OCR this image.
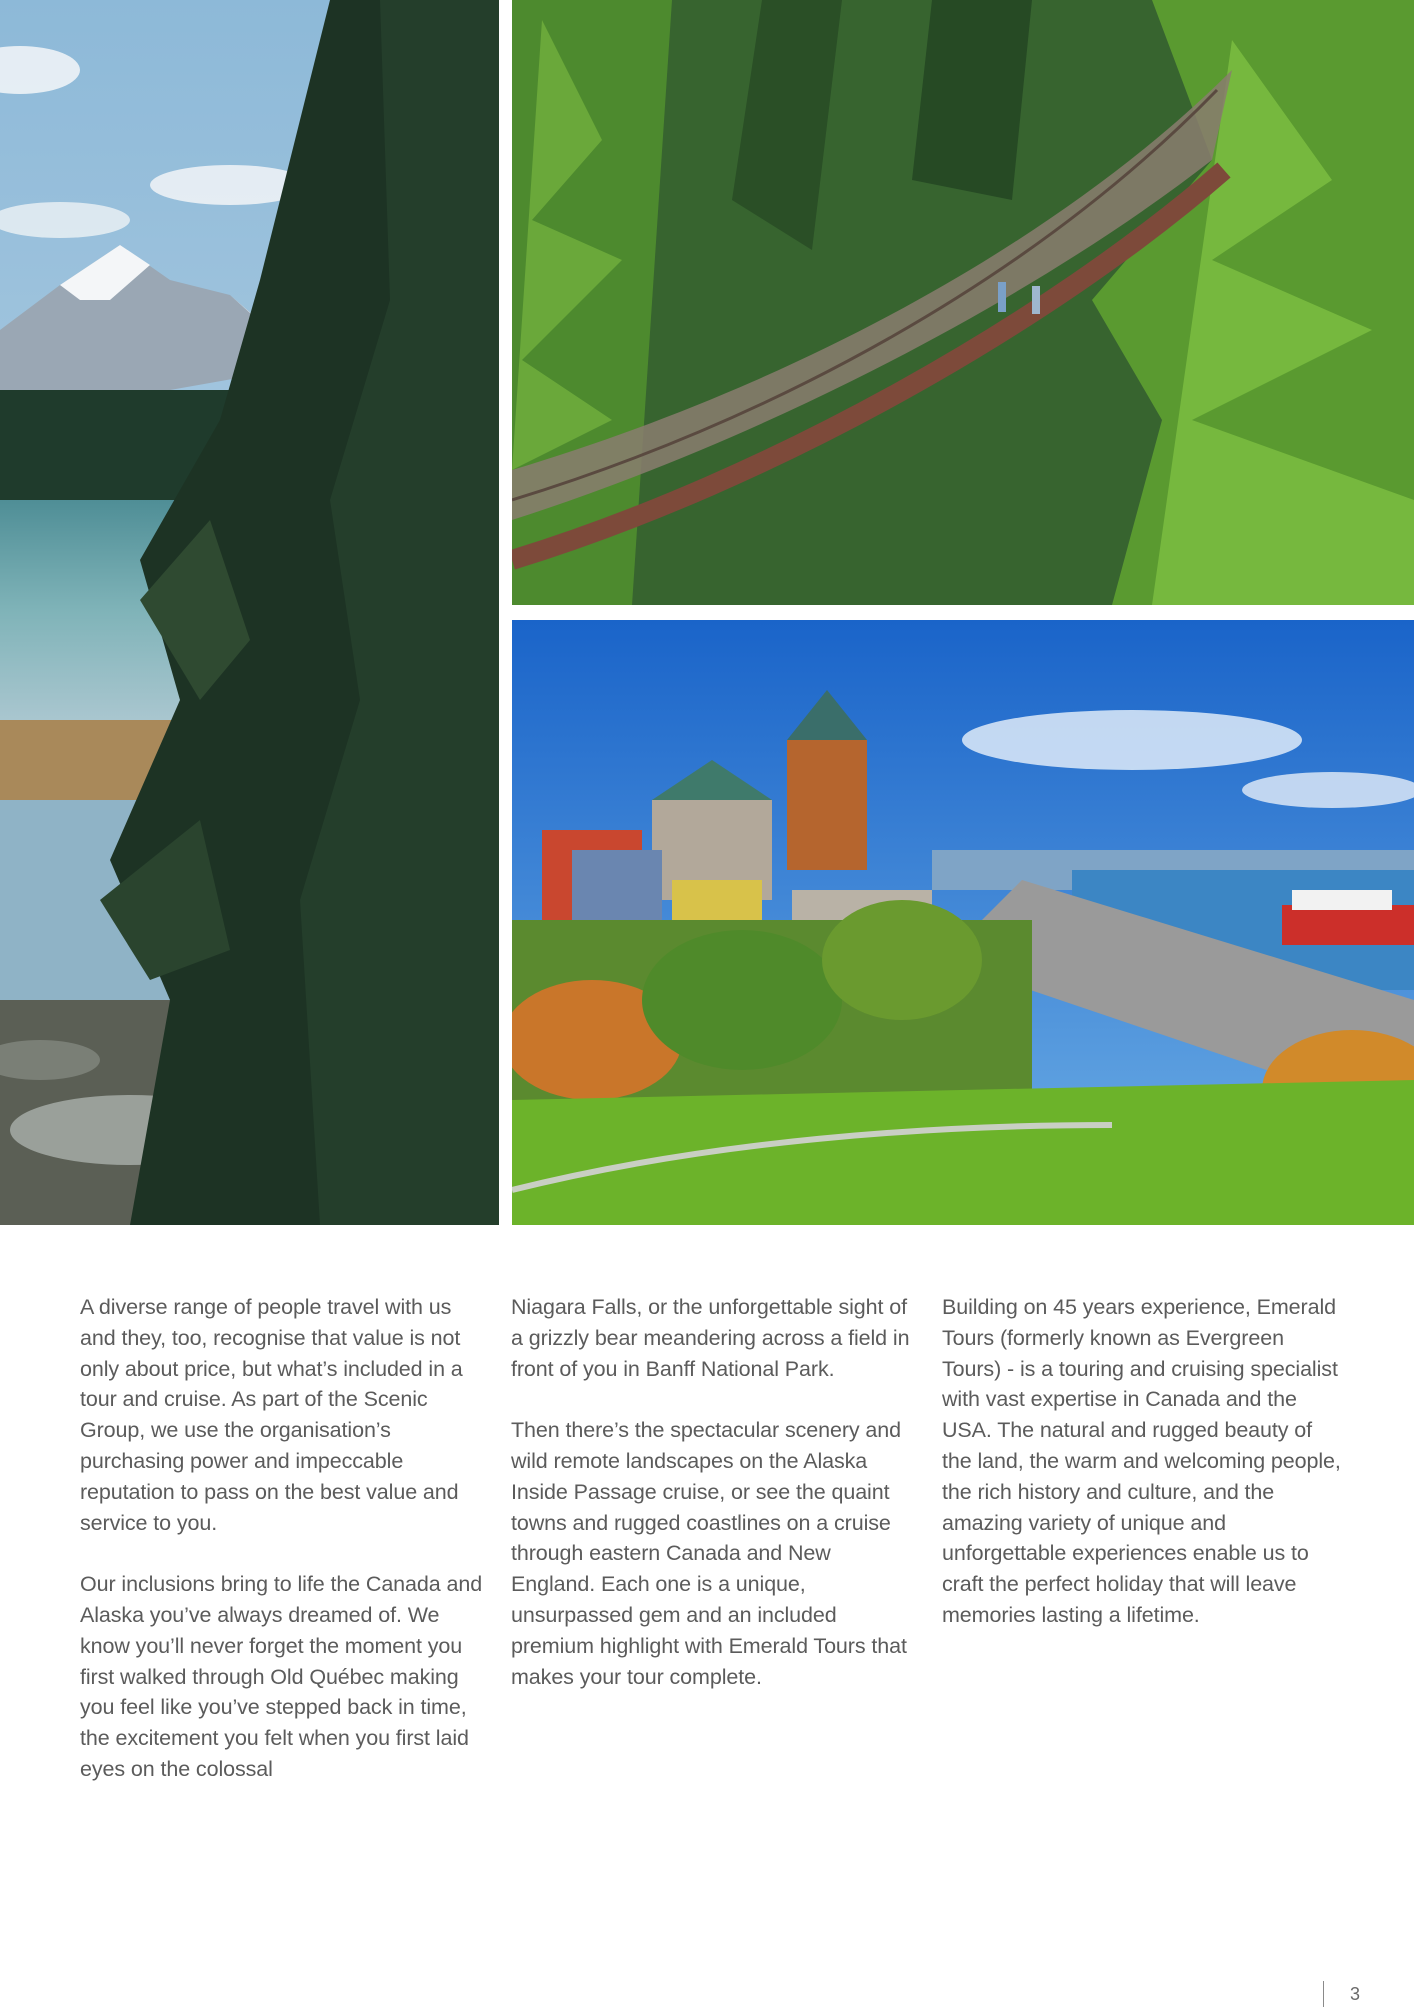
A diverse range of people travel with us and they, too, recognise that value is not only about price, but what’s included in a tour and cruise. As part of the Scenic Group, we use the organisation’s purchasing power and impeccable reputation to pass on the best value and service to you.

Our inclusions bring to life the Canada and Alaska you’ve always dreamed of. We know you’ll never forget the moment you first walked through Old Québec making you feel like you’ve stepped back in time, the excitement you felt when you first laid eyes on the colossal

Niagara Falls, or the unforgettable sight of a grizzly bear meandering across a field in front of you in Banff National Park.

Then there’s the spectacular scenery and wild remote landscapes on the Alaska Inside Passage cruise, or see the quaint towns and rugged coastlines on a cruise through eastern Canada and New England. Each one is a unique, unsurpassed gem and an included premium highlight with Emerald Tours that makes your tour complete.

Building on 45 years experience, Emerald Tours (formerly known as Evergreen Tours) - is a touring and cruising specialist with vast expertise in Canada and the USA. The natural and rugged beauty of the land, the warm and welcoming people, the rich history and culture, and the amazing variety of unique and unforgettable experiences enable us to craft the perfect holiday that will leave memories lasting a lifetime.

3
